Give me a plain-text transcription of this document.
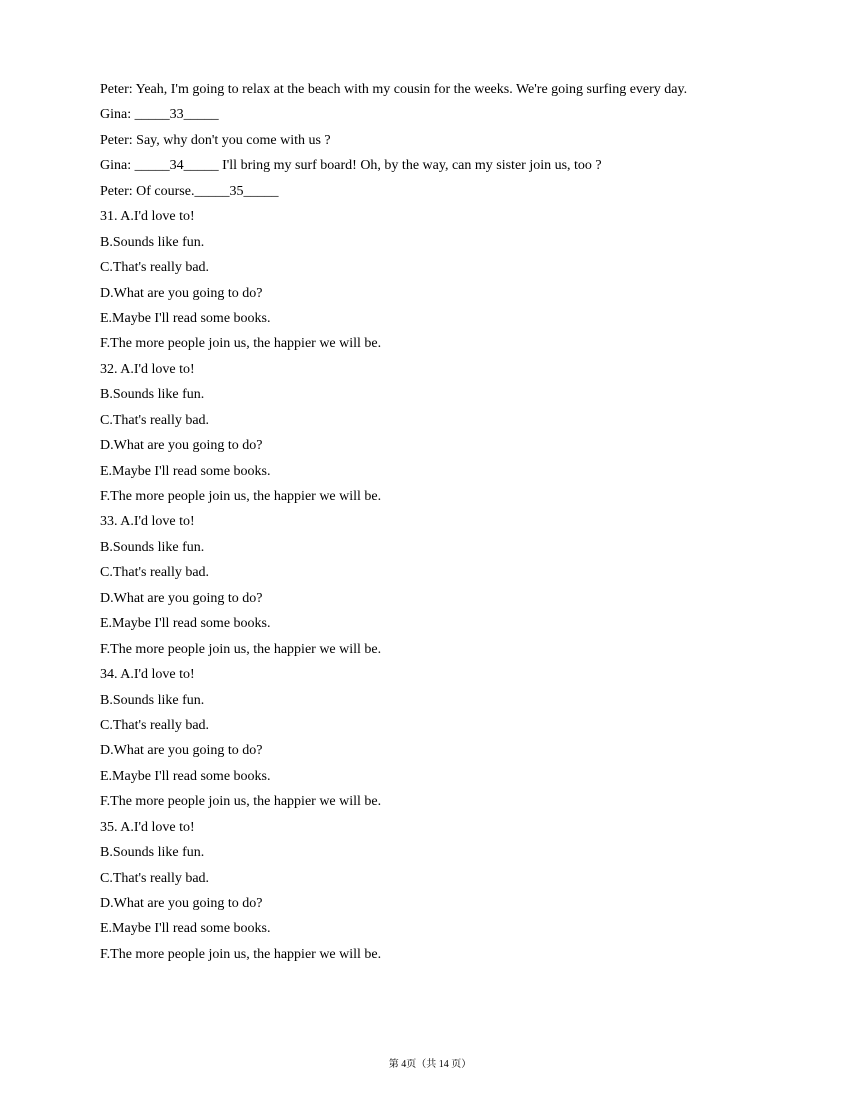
Peter: Yeah, I'm going to relax at the beach with my cousin for the weeks. We're going surfing every day.
Gina: _____33_____
Peter: Say, why don't you come with us ?
Gina: _____34_____ I'll bring my surf board! Oh, by the way, can my sister join us, too ?
Peter: Of course._____35_____
31. A.I'd love to!
B.Sounds like fun.
C.That's really bad.
D.What are you going to do?
E.Maybe I'll read some books.
F.The more people join us, the happier we will be.
32. A.I'd love to!
B.Sounds like fun.
C.That's really bad.
D.What are you going to do?
E.Maybe I'll read some books.
F.The more people join us, the happier we will be.
33. A.I'd love to!
B.Sounds like fun.
C.That's really bad.
D.What are you going to do?
E.Maybe I'll read some books.
F.The more people join us, the happier we will be.
34. A.I'd love to!
B.Sounds like fun.
C.That's really bad.
D.What are you going to do?
E.Maybe I'll read some books.
F.The more people join us, the happier we will be.
35. A.I'd love to!
B.Sounds like fun.
C.That's really bad.
D.What are you going to do?
E.Maybe I'll read some books.
F.The more people join us, the happier we will be.
第 4页（共 14 页）
